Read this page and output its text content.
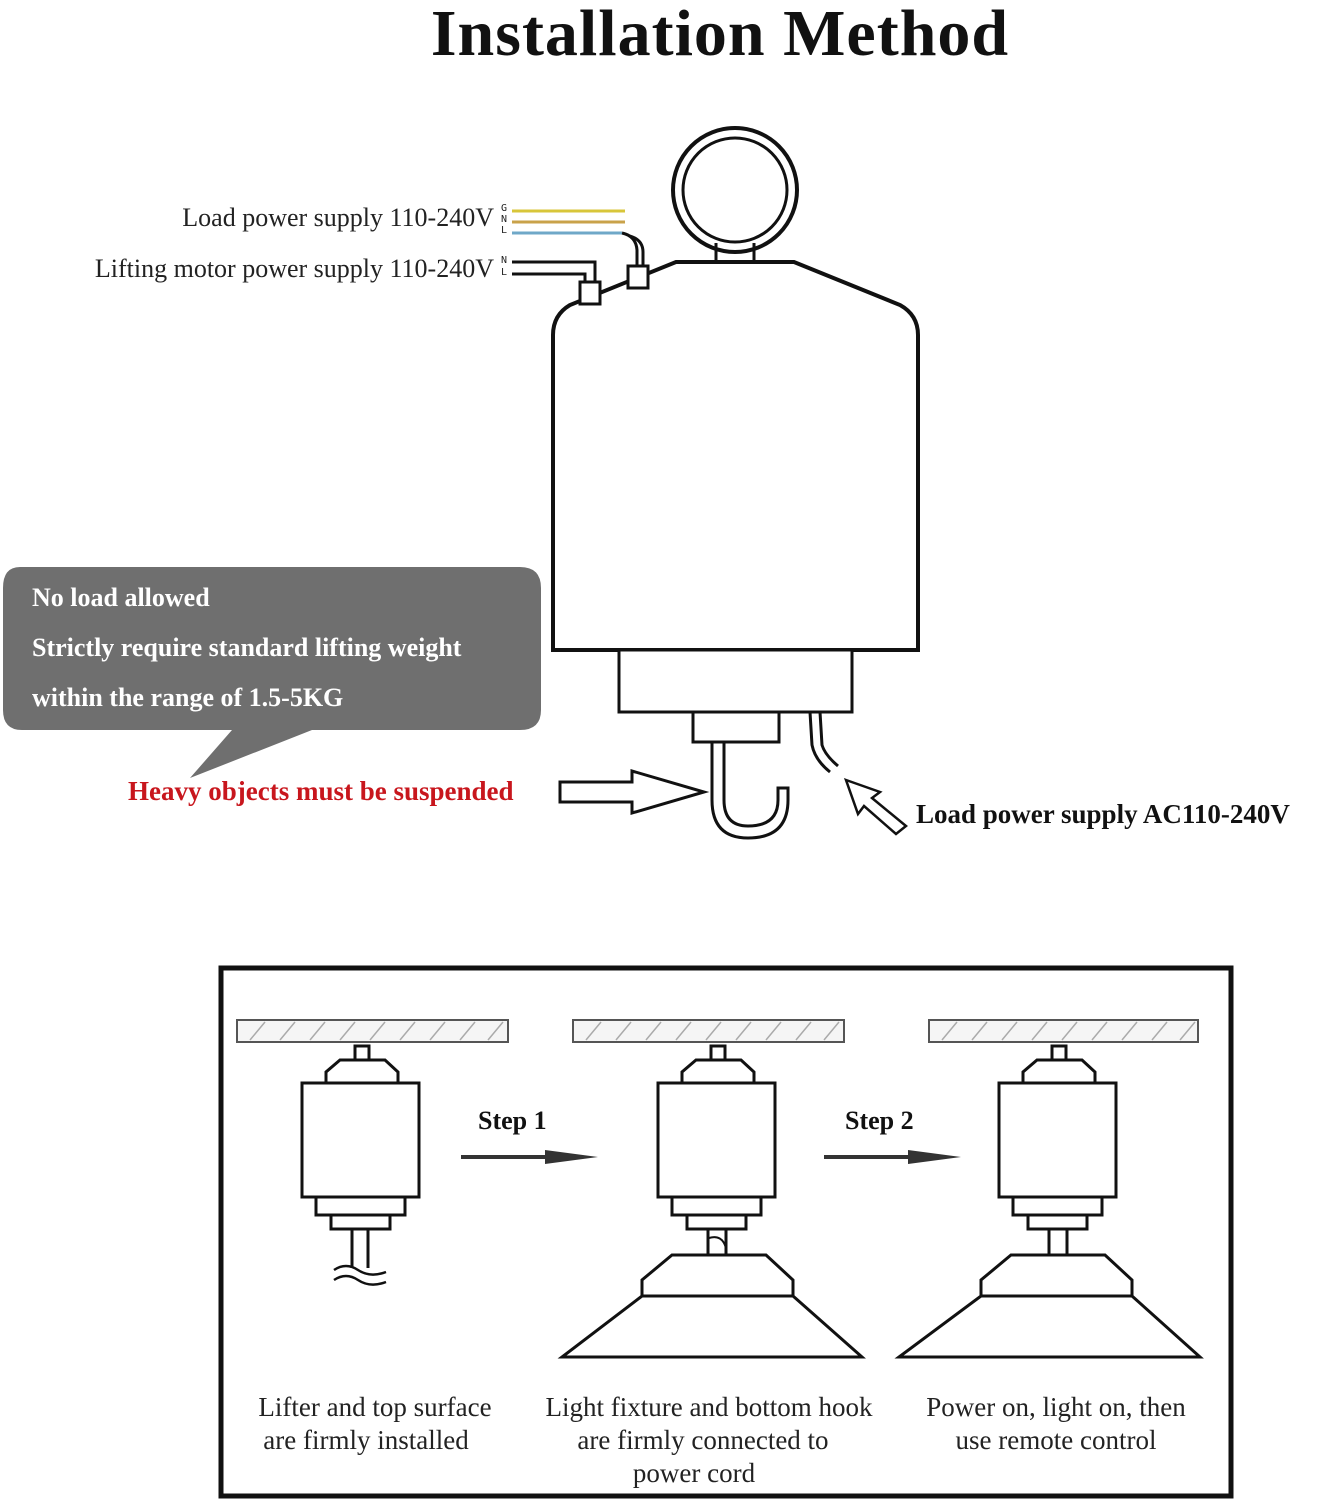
Installation Method
G
N
L
N
L
Load power supply 110-240V
Lifting motor power supply 110-240V
No load allowed
Strictly require standard lifting weight
within the range of 1.5-5KG
Heavy objects must be suspended
Load power supply AC110-240V
Step 1	Step 2
Lifter and top surface
are firmly installed
Light fixture and bottom hook
are firmly connected to
power cord
Power on, light on, then
use remote control
